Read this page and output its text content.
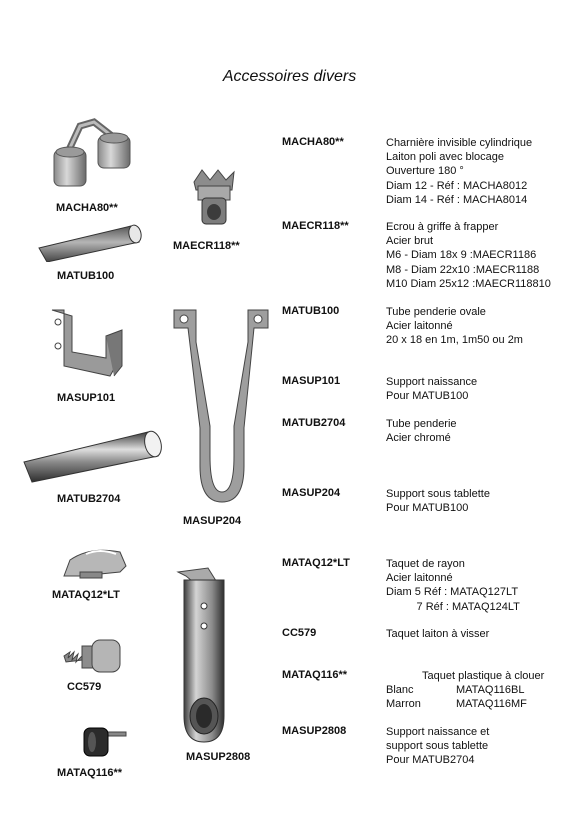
Accessoires divers
MACHA80**
MAECR118**
MATUB100
MASUP101
MATUB2704
MASUP204
MATAQ12*LT
CC579
MASUP2808
MATAQ116**
MACHA80**	Charnière invisible cylindrique
Laiton poli avec blocage
Ouverture 180 °
Diam 12 - Réf : MACHA8012
Diam 14 - Réf : MACHA8014
MAECR118**	Ecrou à griffe à frapper
Acier brut
M6 - Diam 18x 9 :MAECR1186
M8 - Diam 22x10 :MAECR1188
M10 Diam 25x12 :MAECR118810
MATUB100	Tube penderie ovale
Acier laitonné
20 x 18 en 1m, 1m50 ou 2m
MASUP101	Support naissance
Pour MATUB100
MATUB2704	Tube penderie
Acier chromé
MASUP204	Support sous tablette
Pour MATUB100
MATAQ12*LT	Taquet de rayon
Acier laitonné
Diam 5 Réf : MATAQ127LT
7 Réf : MATAQ124LT
CC579	Taquet laiton à visser
MATAQ116**	Taquet plastique à clouer
Blanc	MATAQ116BL
Marron	MATAQ116MF
MASUP2808	Support naissance et
support sous tablette
Pour MATUB2704
